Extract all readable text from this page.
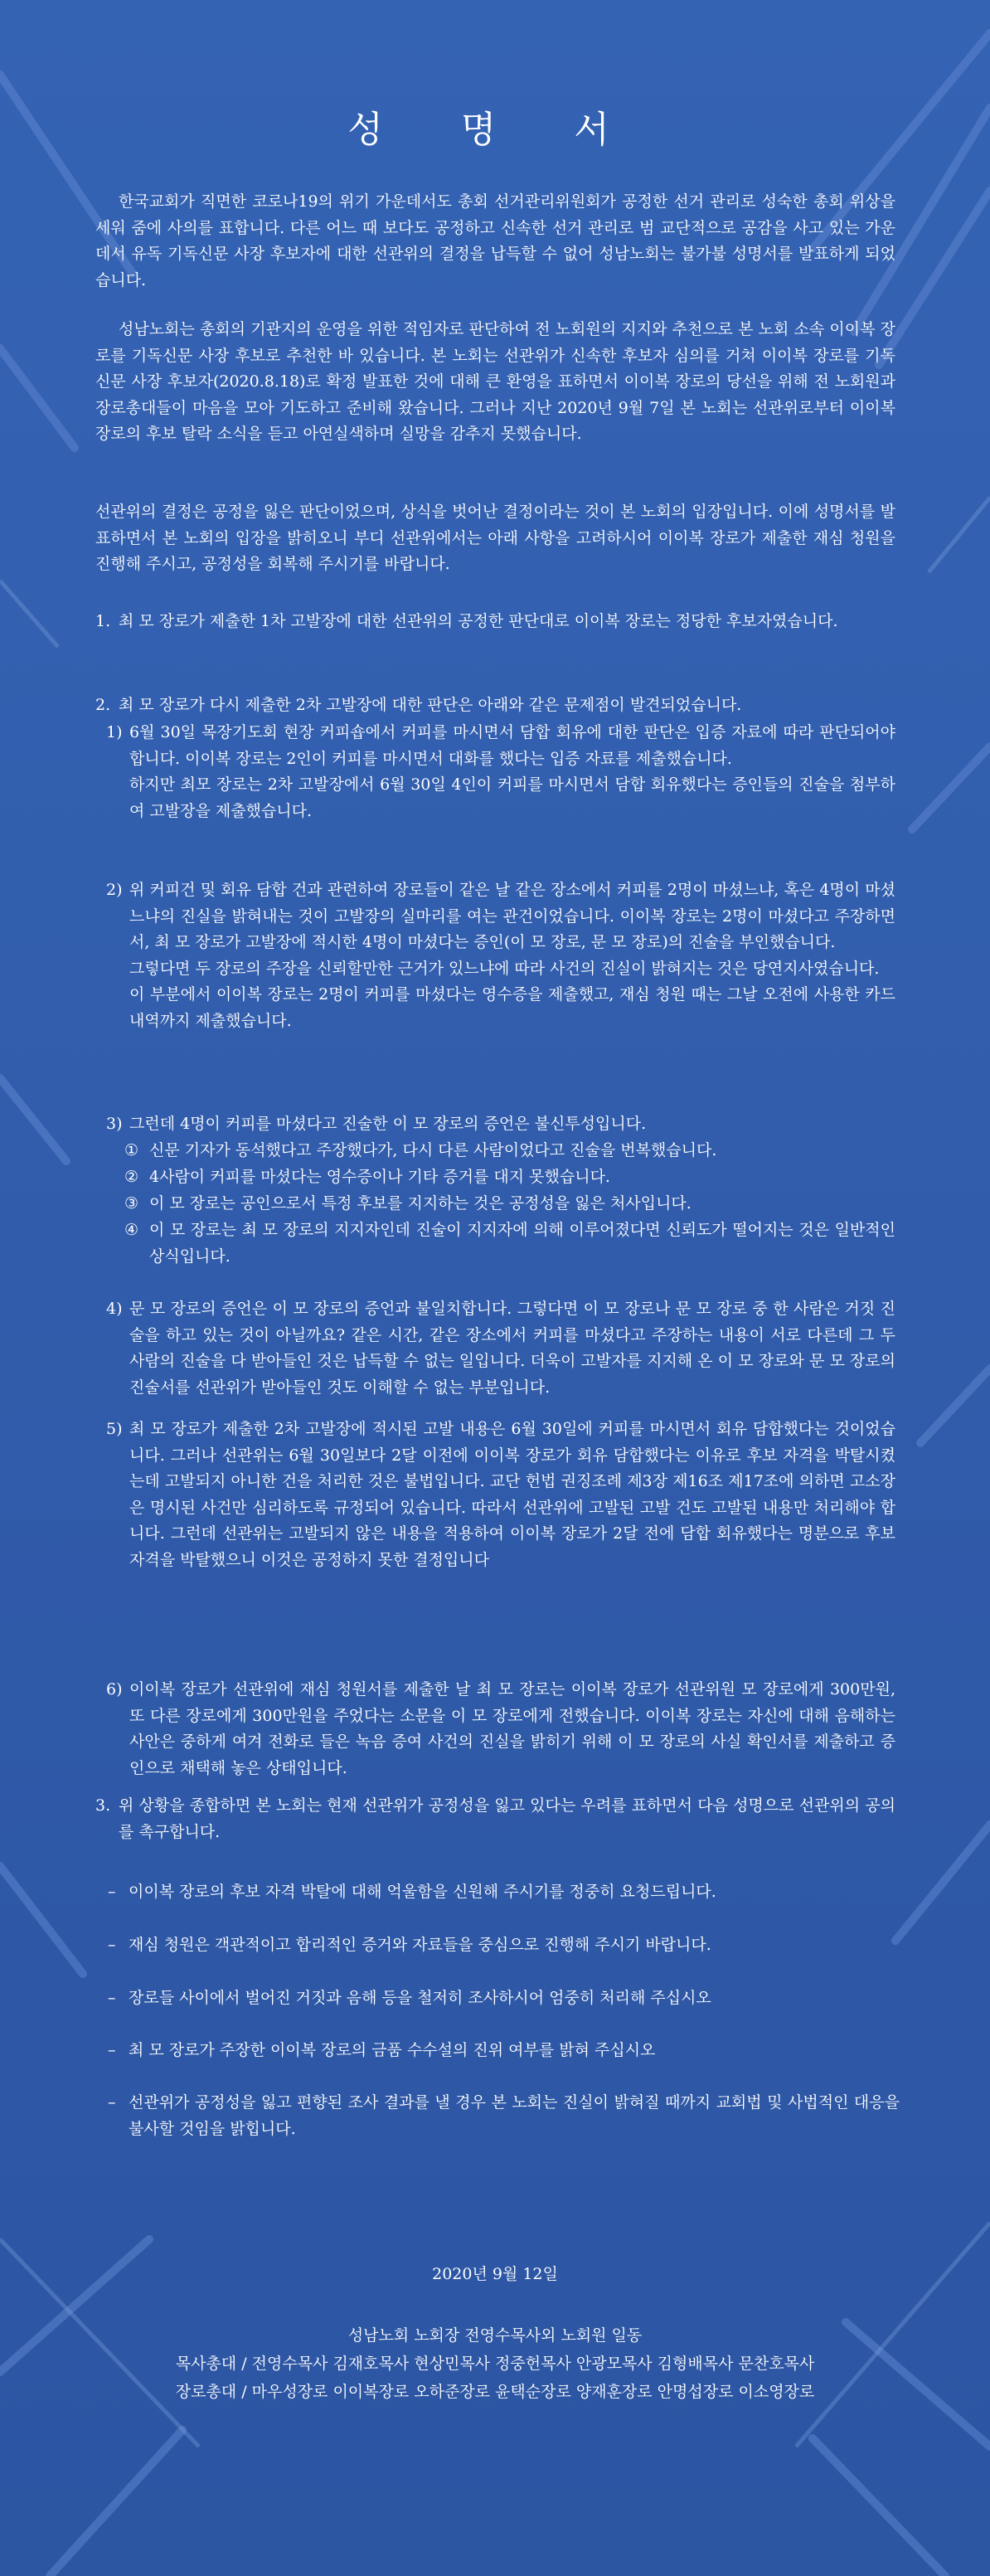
성 명 서
한국교회가 직면한 코로나19의 위기 가운데서도 총회 선거관리위원회가 공정한 선거 관리로 성숙한 총회 위상을 세워 줌에 사의를 표합니다. 다른 어느 때 보다도 공정하고 신속한 선거 관리로 범 교단적으로 공감을 사고 있는 가운데서 유독 기독신문 사장 후보자에 대한 선관위의 결정을 납득할 수 없어 성남노회는 불가불 성명서를 발표하게 되었습니다.
성남노회는 총회의 기관지의 운영을 위한 적임자로 판단하여 전 노회원의 지지와 추천으로 본 노회 소속 이이복 장로를 기독신문 사장 후보로 추천한 바 있습니다. 본 노회는 선관위가 신속한 후보자 심의를 거쳐 이이복 장로를 기독신문 사장 후보자(2020.8.18)로 확정 발표한 것에 대해 큰 환영을 표하면서 이이복 장로의 당선을 위해 전 노회원과 장로총대들이 마음을 모아 기도하고 준비해 왔습니다. 그러나 지난 2020년 9월 7일 본 노회는 선관위로부터 이이복 장로의 후보 탈락 소식을 듣고 아연실색하며 실망을 감추지 못했습니다.
선관위의 결정은 공정을 잃은 판단이었으며, 상식을 벗어난 결정이라는 것이 본 노회의 입장입니다. 이에 성명서를 발표하면서 본 노회의 입장을 밝히오니 부디 선관위에서는 아래 사항을 고려하시어 이이복 장로가 제출한 재심 청원을 진행해 주시고, 공정성을 회복해 주시기를 바랍니다.
1. 최 모 장로가 제출한 1차 고발장에 대한 선관위의 공정한 판단대로 이이복 장로는 정당한 후보자였습니다.
2. 최 모 장로가 다시 제출한 2차 고발장에 대한 판단은 아래와 같은 문제점이 발견되었습니다.
1) 6월 30일 목장기도회 현장 커피숍에서 커피를 마시면서 담합 회유에 대한 판단은 입증 자료에 따라 판단되어야 합니다. 이이복 장로는 2인이 커피를 마시면서 대화를 했다는 입증 자료를 제출했습니다.
하지만 최모 장로는 2차 고발장에서 6월 30일 4인이 커피를 마시면서 담합 회유했다는 증인들의 진술을 첨부하여 고발장을 제출했습니다.
2) 위 커피건 및 회유 담합 건과 관련하여 장로들이 같은 날 같은 장소에서 커피를 2명이 마셨느냐, 혹은 4명이 마셨느냐의 진실을 밝혀내는 것이 고발장의 실마리를 여는 관건이었습니다. 이이복 장로는 2명이 마셨다고 주장하면서, 최 모 장로가 고발장에 적시한 4명이 마셨다는 증인(이 모 장로, 문 모 장로)의 진술을 부인했습니다.
그렇다면 두 장로의 주장을 신뢰할만한 근거가 있느냐에 따라 사건의 진실이 밝혀지는 것은 당연지사였습니다.
이 부분에서 이이복 장로는 2명이 커피를 마셨다는 영수증을 제출했고, 재심 청원 때는 그날 오전에 사용한 카드 내역까지 제출했습니다.
3) 그런데 4명이 커피를 마셨다고 진술한 이 모 장로의 증언은 불신투성입니다.
① 신문 기자가 동석했다고 주장했다가, 다시 다른 사람이었다고 진술을 번복했습니다.
② 4사람이 커피를 마셨다는 영수증이나 기타 증거를 대지 못했습니다.
③ 이 모 장로는 공인으로서 특정 후보를 지지하는 것은 공정성을 잃은 처사입니다.
④ 이 모 장로는 최 모 장로의 지지자인데 진술이 지지자에 의해 이루어졌다면 신뢰도가 떨어지는 것은 일반적인 상식입니다.
4) 문 모 장로의 증언은 이 모 장로의 증언과 불일치합니다. 그렇다면 이 모 장로나 문 모 장로 중 한 사람은 거짓 진술을 하고 있는 것이 아닐까요? 같은 시간, 같은 장소에서 커피를 마셨다고 주장하는 내용이 서로 다른데 그 두 사람의 진술을 다 받아들인 것은 납득할 수 없는 일입니다. 더욱이 고발자를 지지해 온 이 모 장로와 문 모 장로의 진술서를 선관위가 받아들인 것도 이해할 수 없는 부분입니다.
5) 최 모 장로가 제출한 2차 고발장에 적시된 고발 내용은 6월 30일에 커피를 마시면서 회유 담합했다는 것이었습니다. 그러나 선관위는 6월 30일보다 2달 이전에 이이복 장로가 회유 담합했다는 이유로 후보 자격을 박탈시켰는데 고발되지 아니한 건을 처리한 것은 불법입니다. 교단 헌법 권징조례 제3장 제16조 제17조에 의하면 고소장은 명시된 사건만 심리하도록 규정되어 있습니다. 따라서 선관위에 고발된 고발 건도 고발된 내용만 처리해야 합니다. 그런데 선관위는 고발되지 않은 내용을 적용하여 이이복 장로가 2달 전에 담합 회유했다는 명분으로 후보 자격을 박탈했으니 이것은 공정하지 못한 결정입니다
6) 이이복 장로가 선관위에 재심 청원서를 제출한 날 최 모 장로는 이이복 장로가 선관위원 모 장로에게 300만원, 또 다른 장로에게 300만원을 주었다는 소문을 이 모 장로에게 전했습니다. 이이복 장로는 자신에 대해 음해하는 사안은 중하게 여겨 전화로 들은 녹음 증여 사건의 진실을 밝히기 위해 이 모 장로의 사실 확인서를 제출하고 증인으로 채택해 놓은 상태입니다.
3. 위 상황을 종합하면 본 노회는 현재 선관위가 공정성을 잃고 있다는 우려를 표하면서 다음 성명으로 선관위의 공의를 촉구합니다.
– 이이복 장로의 후보 자격 박탈에 대해 억울함을 신원해 주시기를 정중히 요청드립니다.
– 재심 청원은 객관적이고 합리적인 증거와 자료들을 중심으로 진행해 주시기 바랍니다.
– 장로들 사이에서 벌어진 거짓과 음해 등을 철저히 조사하시어 엄중히 처리해 주십시오
– 최 모 장로가 주장한 이이복 장로의 금품 수수설의 진위 여부를 밝혀 주십시오
– 선관위가 공정성을 잃고 편향된 조사 결과를 낼 경우 본 노회는 진실이 밝혀질 때까지 교회법 및 사법적인 대응을 불사할 것임을 밝힙니다.
2020년 9월 12일
성남노회 노회장 전영수목사외 노회원 일동
목사총대 / 전영수목사 김재호목사 현상민목사 정중헌목사 안광모목사 김형배목사 문찬호목사
장로총대 / 마우성장로 이이복장로 오하준장로 윤택순장로 양재훈장로 안명섭장로 이소영장로
